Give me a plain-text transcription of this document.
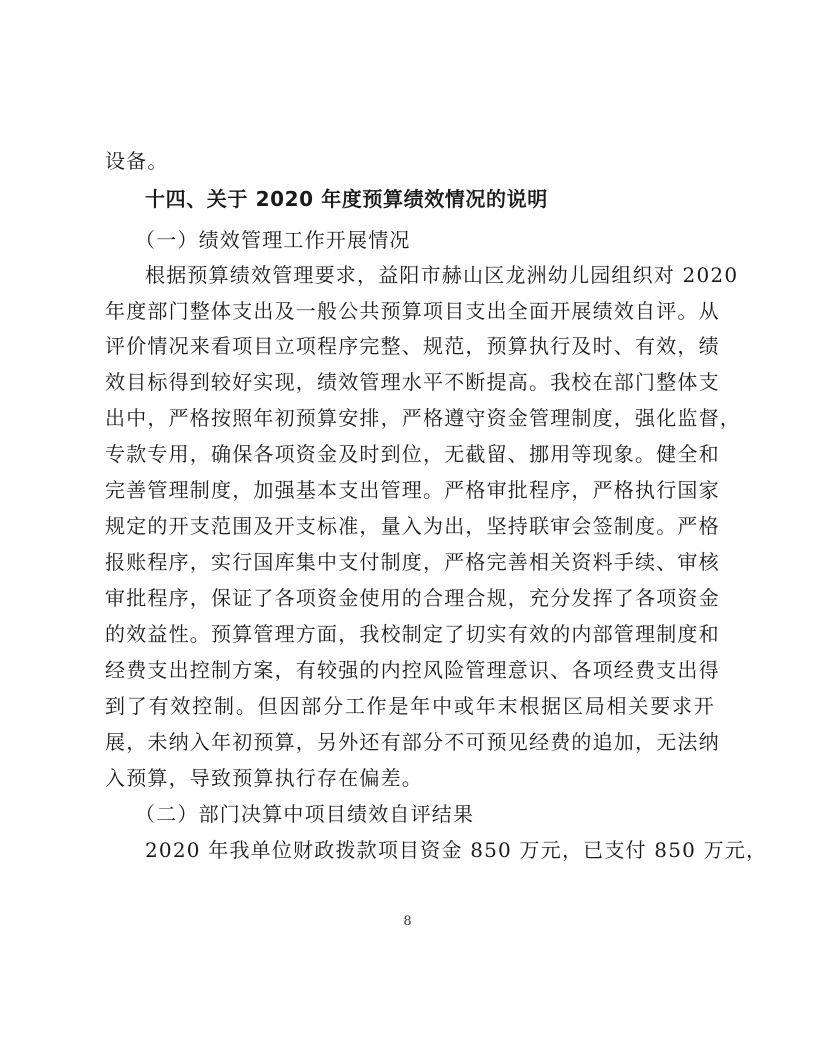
设备。
十四、关于 2020 年度预算绩效情况的说明
（一）绩效管理工作开展情况
根据预算绩效管理要求，益阳市赫山区龙洲幼儿园组织对 2020
年度部门整体支出及一般公共预算项目支出全面开展绩效自评。从
评价情况来看项目立项程序完整、规范，预算执行及时、有效，绩
效目标得到较好实现，绩效管理水平不断提高。我校在部门整体支
出中，严格按照年初预算安排，严格遵守资金管理制度，强化监督，
专款专用，确保各项资金及时到位，无截留、挪用等现象。健全和
完善管理制度，加强基本支出管理。严格审批程序，严格执行国家
规定的开支范围及开支标准，量入为出，坚持联审会签制度。严格
报账程序，实行国库集中支付制度，严格完善相关资料手续、审核
审批程序，保证了各项资金使用的合理合规，充分发挥了各项资金
的效益性。预算管理方面，我校制定了切实有效的内部管理制度和
经费支出控制方案，有较强的内控风险管理意识、各项经费支出得
到了有效控制。但因部分工作是年中或年末根据区局相关要求开
展，未纳入年初预算，另外还有部分不可预见经费的追加，无法纳
入预算，导致预算执行存在偏差。
（二）部门决算中项目绩效自评结果
2020 年我单位财政拨款项目资金 850 万元，已支付 850 万元，
8
